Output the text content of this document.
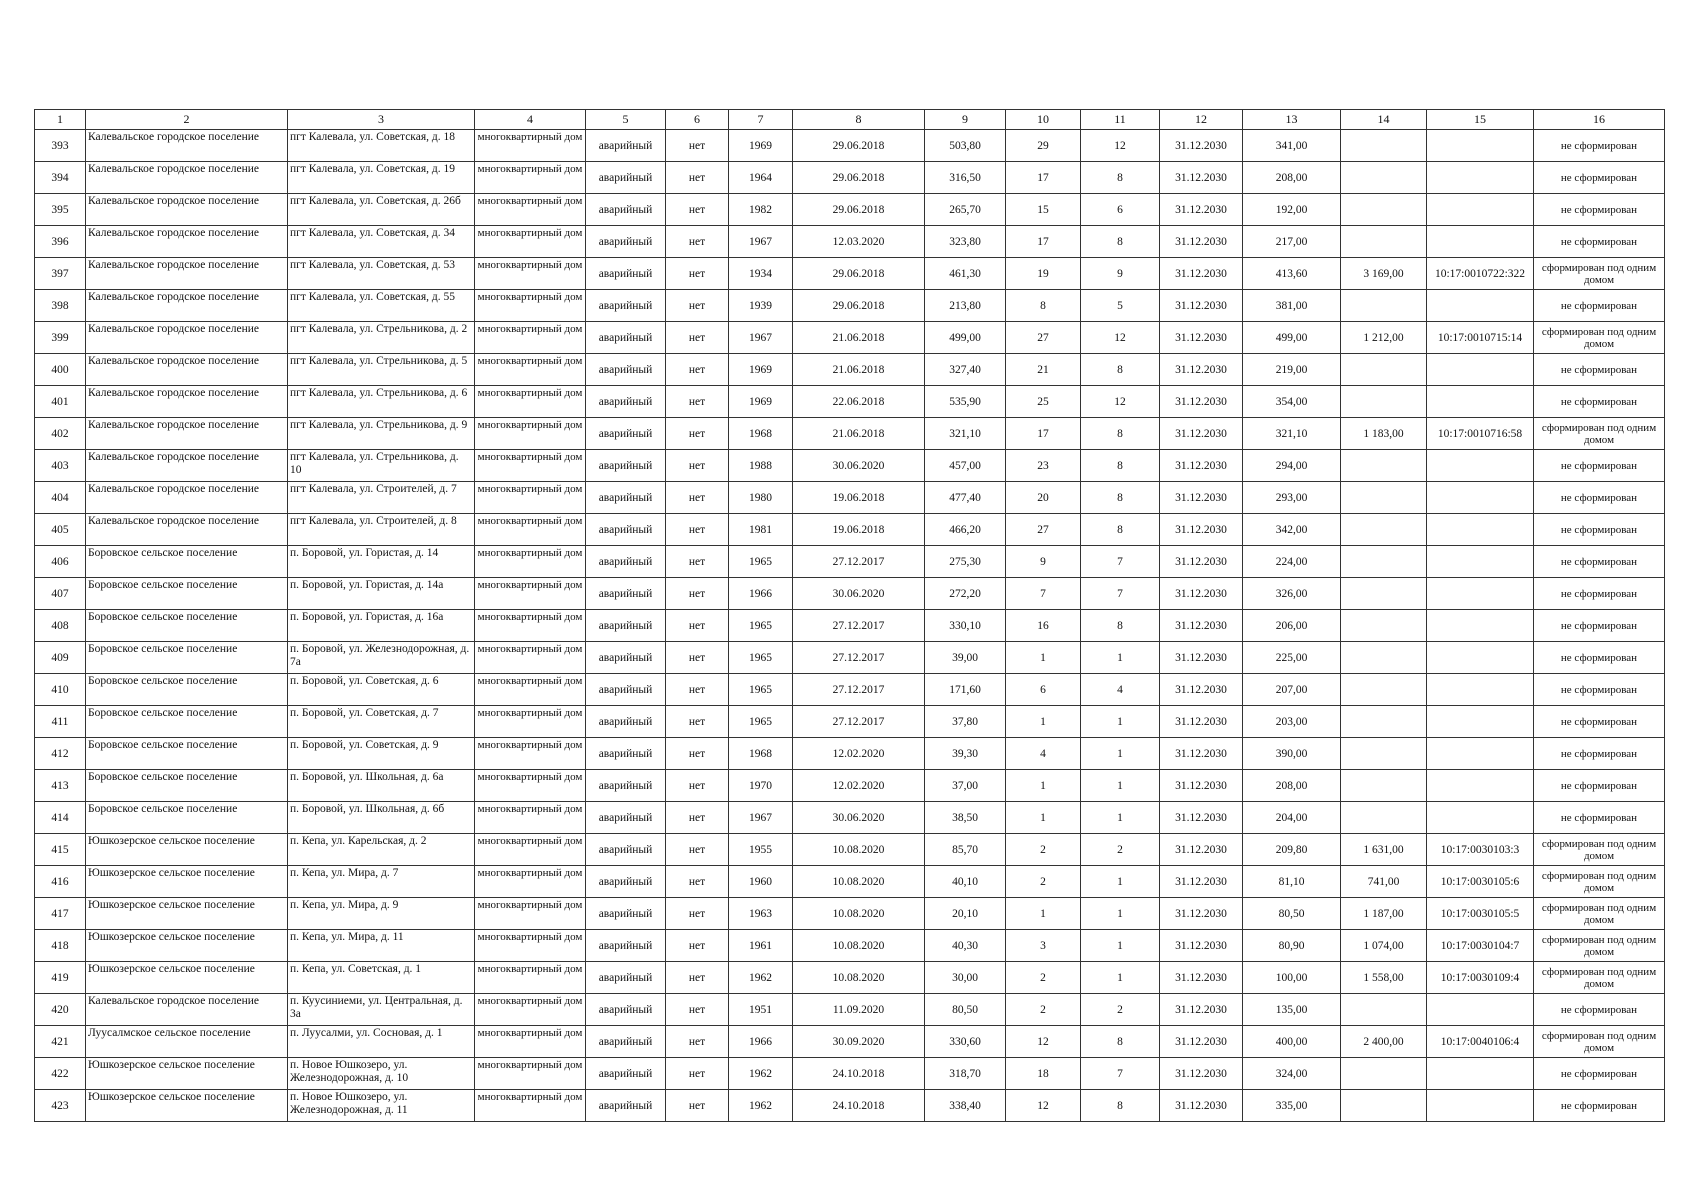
1	2	3	4	5	6	7	8	9	10	11	12	13	14	15	16
393	Калевальское городское поселение	пгт Калевала, ул. Советская, д. 18	многоквартирный дом	аварийный	нет	1969	29.06.2018	503,80	29	12	31.12.2030	341,00			не сформирован
394	Калевальское городское поселение	пгт Калевала, ул. Советская, д. 19	многоквартирный дом	аварийный	нет	1964	29.06.2018	316,50	17	8	31.12.2030	208,00			не сформирован
395	Калевальское городское поселение	пгт Калевала, ул. Советская, д. 26б	многоквартирный дом	аварийный	нет	1982	29.06.2018	265,70	15	6	31.12.2030	192,00			не сформирован
396	Калевальское городское поселение	пгт Калевала, ул. Советская, д. 34	многоквартирный дом	аварийный	нет	1967	12.03.2020	323,80	17	8	31.12.2030	217,00			не сформирован
397	Калевальское городское поселение	пгт Калевала, ул. Советская, д. 53	многоквартирный дом	аварийный	нет	1934	29.06.2018	461,30	19	9	31.12.2030	413,60	3 169,00	10:17:0010722:322	сформирован под одним домом
398	Калевальское городское поселение	пгт Калевала, ул. Советская, д. 55	многоквартирный дом	аварийный	нет	1939	29.06.2018	213,80	8	5	31.12.2030	381,00			не сформирован
399	Калевальское городское поселение	пгт Калевала, ул. Стрельникова, д. 2	многоквартирный дом	аварийный	нет	1967	21.06.2018	499,00	27	12	31.12.2030	499,00	1 212,00	10:17:0010715:14	сформирован под одним домом
400	Калевальское городское поселение	пгт Калевала, ул. Стрельникова, д. 5	многоквартирный дом	аварийный	нет	1969	21.06.2018	327,40	21	8	31.12.2030	219,00			не сформирован
401	Калевальское городское поселение	пгт Калевала, ул. Стрельникова, д. 6	многоквартирный дом	аварийный	нет	1969	22.06.2018	535,90	25	12	31.12.2030	354,00			не сформирован
402	Калевальское городское поселение	пгт Калевала, ул. Стрельникова, д. 9	многоквартирный дом	аварийный	нет	1968	21.06.2018	321,10	17	8	31.12.2030	321,10	1 183,00	10:17:0010716:58	сформирован под одним домом
403	Калевальское городское поселение	пгт Калевала, ул. Стрельникова, д. 10	многоквартирный дом	аварийный	нет	1988	30.06.2020	457,00	23	8	31.12.2030	294,00			не сформирован
404	Калевальское городское поселение	пгт Калевала, ул. Строителей, д. 7	многоквартирный дом	аварийный	нет	1980	19.06.2018	477,40	20	8	31.12.2030	293,00			не сформирован
405	Калевальское городское поселение	пгт Калевала, ул. Строителей, д. 8	многоквартирный дом	аварийный	нет	1981	19.06.2018	466,20	27	8	31.12.2030	342,00			не сформирован
406	Боровское сельское поселение	п. Боровой, ул. Гористая, д. 14	многоквартирный дом	аварийный	нет	1965	27.12.2017	275,30	9	7	31.12.2030	224,00			не сформирован
407	Боровское сельское поселение	п. Боровой, ул. Гористая, д. 14а	многоквартирный дом	аварийный	нет	1966	30.06.2020	272,20	7	7	31.12.2030	326,00			не сформирован
408	Боровское сельское поселение	п. Боровой, ул. Гористая, д. 16а	многоквартирный дом	аварийный	нет	1965	27.12.2017	330,10	16	8	31.12.2030	206,00			не сформирован
409	Боровское сельское поселение	п. Боровой, ул. Железнодорожная, д. 7а	многоквартирный дом	аварийный	нет	1965	27.12.2017	39,00	1	1	31.12.2030	225,00			не сформирован
410	Боровское сельское поселение	п. Боровой, ул. Советская, д. 6	многоквартирный дом	аварийный	нет	1965	27.12.2017	171,60	6	4	31.12.2030	207,00			не сформирован
411	Боровское сельское поселение	п. Боровой, ул. Советская, д. 7	многоквартирный дом	аварийный	нет	1965	27.12.2017	37,80	1	1	31.12.2030	203,00			не сформирован
412	Боровское сельское поселение	п. Боровой, ул. Советская, д. 9	многоквартирный дом	аварийный	нет	1968	12.02.2020	39,30	4	1	31.12.2030	390,00			не сформирован
413	Боровское сельское поселение	п. Боровой, ул. Школьная, д. 6а	многоквартирный дом	аварийный	нет	1970	12.02.2020	37,00	1	1	31.12.2030	208,00			не сформирован
414	Боровское сельское поселение	п. Боровой, ул. Школьная, д. 6б	многоквартирный дом	аварийный	нет	1967	30.06.2020	38,50	1	1	31.12.2030	204,00			не сформирован
415	Юшкозерское сельское поселение	п. Кепа, ул. Карельская, д. 2	многоквартирный дом	аварийный	нет	1955	10.08.2020	85,70	2	2	31.12.2030	209,80	1 631,00	10:17:0030103:3	сформирован под одним домом
416	Юшкозерское сельское поселение	п. Кепа, ул. Мира, д. 7	многоквартирный дом	аварийный	нет	1960	10.08.2020	40,10	2	1	31.12.2030	81,10	741,00	10:17:0030105:6	сформирован под одним домом
417	Юшкозерское сельское поселение	п. Кепа, ул. Мира, д. 9	многоквартирный дом	аварийный	нет	1963	10.08.2020	20,10	1	1	31.12.2030	80,50	1 187,00	10:17:0030105:5	сформирован под одним домом
418	Юшкозерское сельское поселение	п. Кепа, ул. Мира, д. 11	многоквартирный дом	аварийный	нет	1961	10.08.2020	40,30	3	1	31.12.2030	80,90	1 074,00	10:17:0030104:7	сформирован под одним домом
419	Юшкозерское сельское поселение	п. Кепа, ул. Советская, д. 1	многоквартирный дом	аварийный	нет	1962	10.08.2020	30,00	2	1	31.12.2030	100,00	1 558,00	10:17:0030109:4	сформирован под одним домом
420	Калевальское городское поселение	п. Куусиниеми, ул. Центральная, д. 3а	многоквартирный дом	аварийный	нет	1951	11.09.2020	80,50	2	2	31.12.2030	135,00			не сформирован
421	Луусалмское сельское поселение	п. Луусалми, ул. Сосновая, д. 1	многоквартирный дом	аварийный	нет	1966	30.09.2020	330,60	12	8	31.12.2030	400,00	2 400,00	10:17:0040106:4	сформирован под одним домом
422	Юшкозерское сельское поселение	п. Новое Юшкозеро, ул. Железнодорожная, д. 10	многоквартирный дом	аварийный	нет	1962	24.10.2018	318,70	18	7	31.12.2030	324,00			не сформирован
423	Юшкозерское сельское поселение	п. Новое Юшкозеро, ул. Железнодорожная, д. 11	многоквартирный дом	аварийный	нет	1962	24.10.2018	338,40	12	8	31.12.2030	335,00			не сформирован
